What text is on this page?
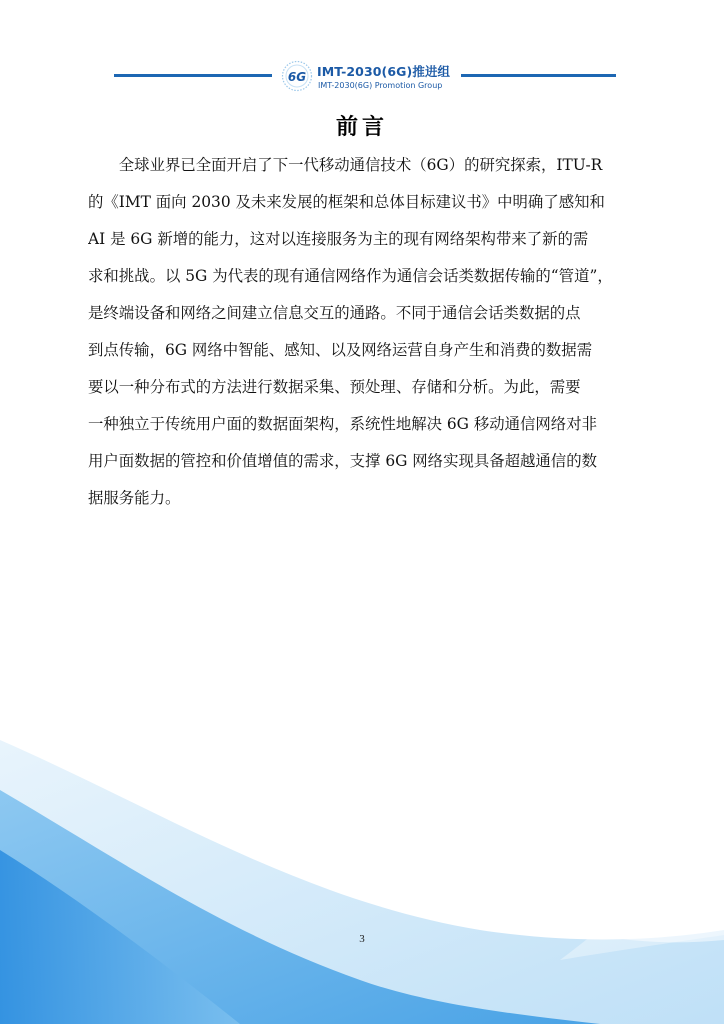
6G IMT-2030(6G)推进组
IMT-2030(6G) Promotion Group
前言
　　全球业界已全面开启了下一代移动通信技术（6G）的研究探索，ITU-R
的《IMT 面向 2030 及未来发展的框架和总体目标建议书》中明确了感知和
AI 是 6G 新增的能力，这对以连接服务为主的现有网络架构带来了新的需
求和挑战。以 5G 为代表的现有通信网络作为通信会话类数据传输的“管道”，
是终端设备和网络之间建立信息交互的通路。不同于通信会话类数据的点
到点传输，6G 网络中智能、感知、以及网络运营自身产生和消费的数据需
要以一种分布式的方法进行数据采集、预处理、存储和分析。为此，需要
一种独立于传统用户面的数据面架构，系统性地解决 6G 移动通信网络对非
用户面数据的管控和价值增值的需求，支撑 6G 网络实现具备超越通信的数
据服务能力。
3
